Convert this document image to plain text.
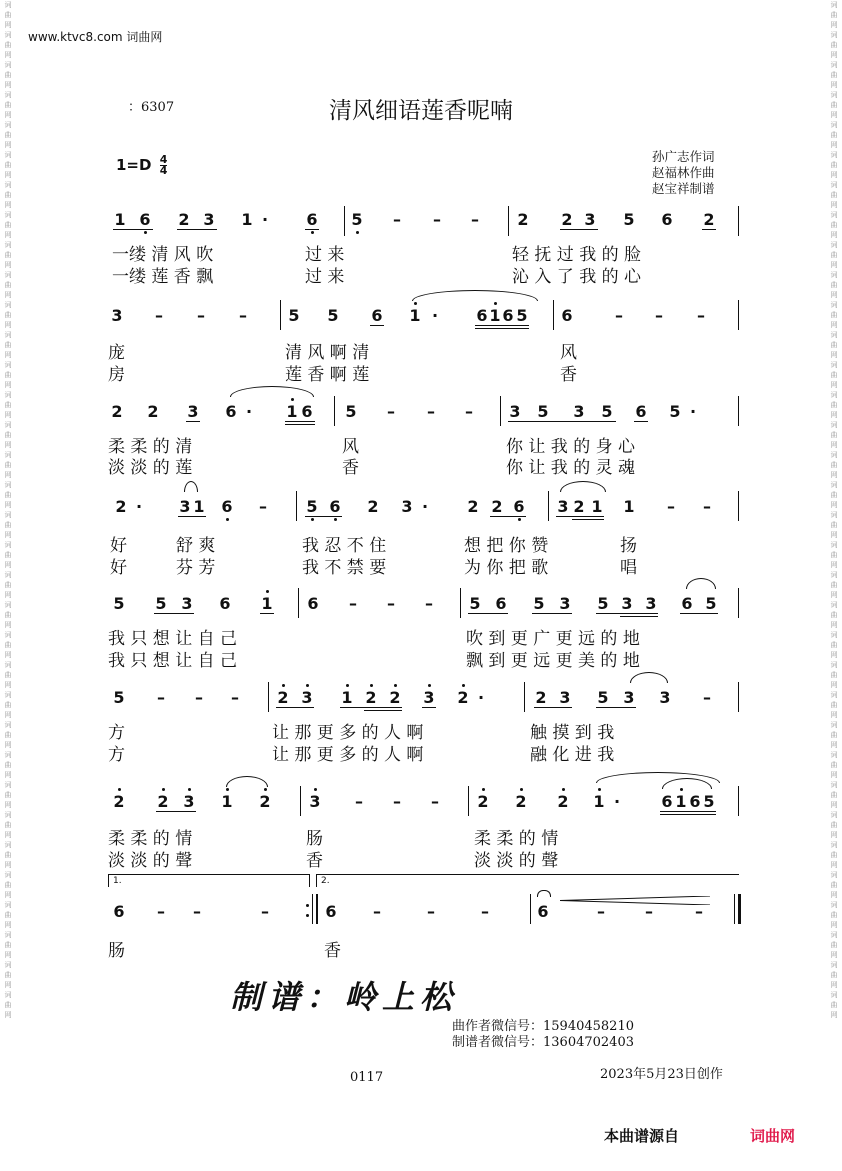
词曲网词曲网词曲网词曲网词曲网词曲网词曲网词曲网词曲网词曲网词曲网词曲网词曲网词曲网词曲网词曲网词曲网词曲网词曲网词曲网词曲网词曲网词曲网词曲网词曲网词曲网词曲网词曲网词曲网词曲网词曲网词曲网词曲网词曲网
词曲网词曲网词曲网词曲网词曲网词曲网词曲网词曲网词曲网词曲网词曲网词曲网词曲网词曲网词曲网词曲网词曲网词曲网词曲网词曲网词曲网词曲网词曲网词曲网词曲网词曲网词曲网词曲网词曲网词曲网词曲网词曲网词曲网词曲网
www.ktvc8.com 词曲网
：6307	清风细语莲香呢喃
$1=D \frac{4}{4}$	孙广志作词
赵福林作曲
赵宝祥制谱
1 6 2 3 1 · 6 5 – – – 2 2 3 5 6 2
一缕 清 风 吹	过 来	轻 抚 过 我 的 脸
一缕 莲 香 飘	过 来	沁 入 了 我 的 心
3 – – –	5 5 6 1 · 6 1 6 5 6	– – –
庞	清 风 啊 清	风
房	莲 香 啊 莲	香
2 2 3 6 · 1 6 5 – – – 3 5 3 5 6 5 ·
柔 柔 的 清	风	你 让 我 的 身 心
淡 淡 的 莲	香	你 让 我 的 灵 魂
2 · 3 1 6 – 5 6 2 3 · 2 2 6 3 2 1 1 – –
好	舒 爽	我 忍 不 住	想 把 你 赞	扬
好	芬 芳	我 不 禁 要	为 你 把 歌	唱
5 5 3 6 1 6 – – – 5 6 5 3 5 3 3 6 5
我 只 想 让 自 己	吹 到 更 广 更 远 的 地
我 只 想 让 自 己	飘 到 更 远 更 美 的 地
5 – – – 2 3 1 2 2 3 2 ·	2 3 5 3 3 –
方	让 那 更 多 的 人 啊	触 摸 到 我
方	让 那 更 多 的 人 啊	融 化 进 我
2 2 3 1 2 3 – – – 2 2 2 1 ·	6 1 6 5
柔 柔 的 情	肠	柔 柔 的 情
淡 淡 的 聲	香	淡 淡 的 聲
1.	2.
6 – –	–	6 –	–	–	6	–	–	–
肠	香
制谱：岭上松
曲作者微信号：15940458210
制谱者微信号：13604702403
0117	2023年5月23日创作
本曲谱源自	词曲网
